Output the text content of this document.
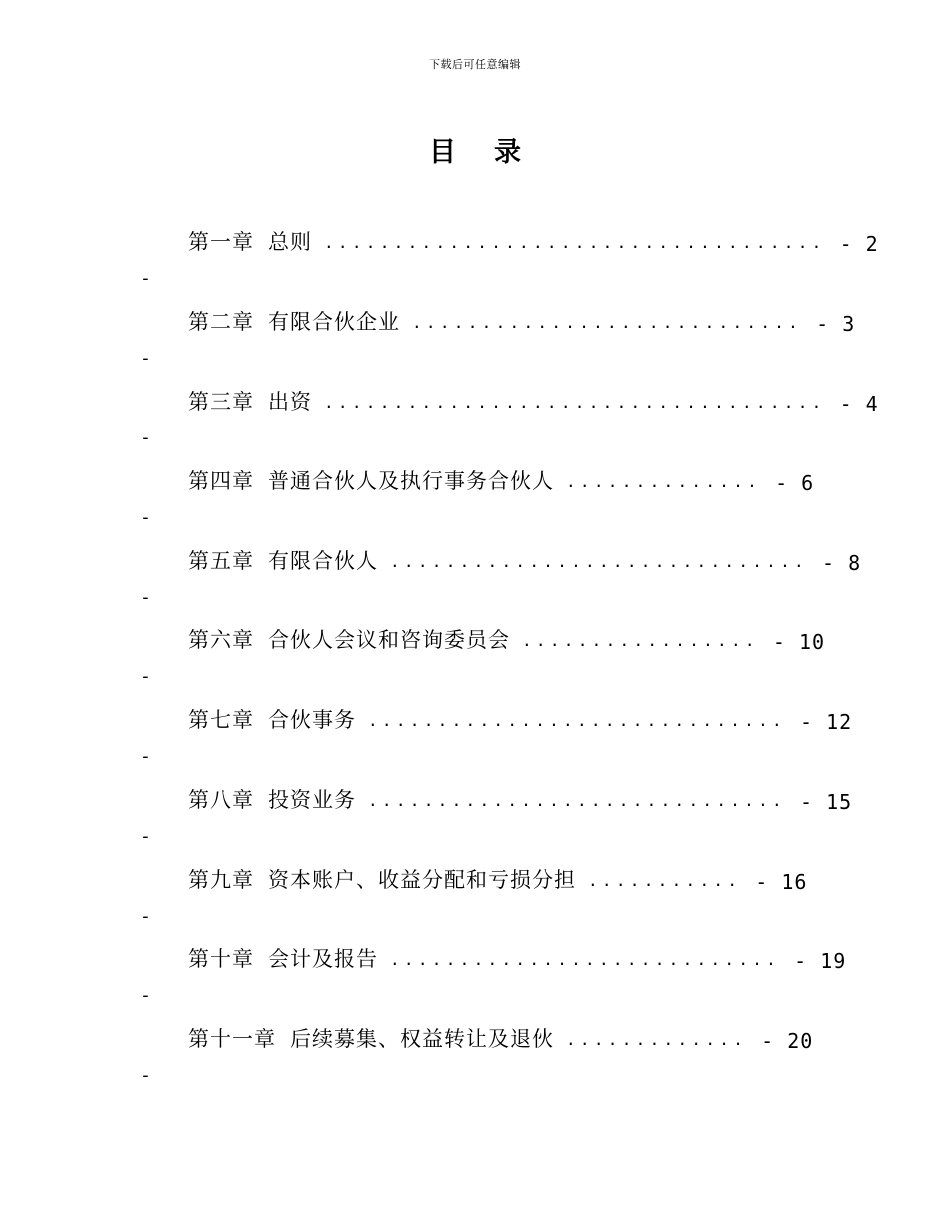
下载后可任意编辑
目录
第一章 总则 .................................... - 2
-
第二章 有限合伙企业 ............................ - 3
-
第三章 出资 .................................... - 4
-
第四章 普通合伙人及执行事务合伙人 .............. - 6
-
第五章 有限合伙人 .............................. - 8
-
第六章 合伙人会议和咨询委员会 ................. - 10
-
第七章 合伙事务 .............................. - 12
-
第八章 投资业务 .............................. - 15
-
第九章 资本账户、收益分配和亏损分担 ........... - 16
-
第十章 会计及报告 ............................ - 19
-
第十一章 后续募集、权益转让及退伙 ............. - 20
-
